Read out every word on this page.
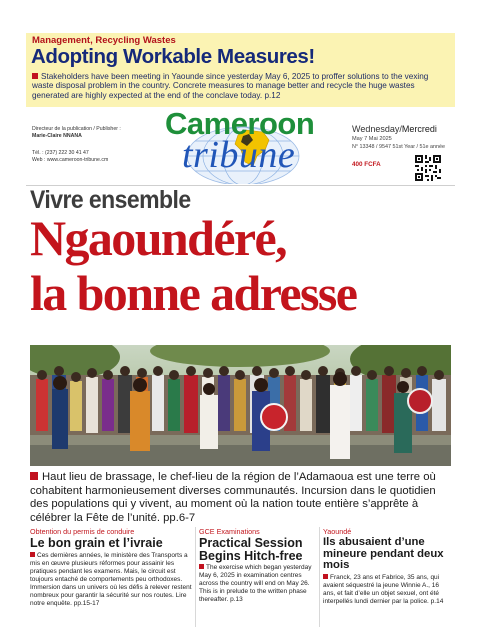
Management, Recycling Wastes
Adopting Workable Measures!
Stakeholders have been meeting in Yaounde since yesterday May 6, 2025 to proffer solutions to the vexing waste disposal problem in the country. Concrete measures to manage better and recycle the huge wastes generated are highly expected at the end of the conclave today. p.12
Directeur de la publication / Publisher :
Marie-Claire NNANA
Tél. : (237) 222 30 41 47
Web : www.cameroon-tribune.cm
Cameroon
tribune
Wednesday/Mercredi
May 7 Mai 2025
N° 13348 / 9547 51st Year / 51e année
400 FCFA
Vivre ensemble
Ngaoundéré,
la bonne adresse
Haut lieu de brassage, le chef-lieu de la région de l’Adamaoua est une terre où cohabitent harmonieusement diverses communautés. Incursion dans le quotidien des populations qui y vivent, au moment où la nation toute entière s’apprête à célébrer la Fête de l’unité. pp.6-7
Obtention du permis de conduire
Le bon grain et l’ivraie
Ces dernières années, le ministère des Transports a mis en œuvre plusieurs réformes pour assainir les pratiques pendant les examens. Mais, le circuit est toujours entaché de comportements peu orthodoxes. Immersion dans un univers où les défis à relever restent nombreux pour garantir la sécurité sur nos routes. Lire notre enquête. pp.15-17
GCE Examinations
Practical Session Begins Hitch-free
The exercise which began yesterday May 6, 2025 in examination centres across the country will end on May 26. This is in prelude to the written phase thereafter. p.13
Yaoundé
Ils abusaient d’une mineure pendant deux mois
Franck, 23 ans et Fabrice, 35 ans, qui avaient séquestré la jeune Winnie A., 16 ans, et fait d’elle un objet sexuel, ont été interpellés lundi dernier par la police. p.14
